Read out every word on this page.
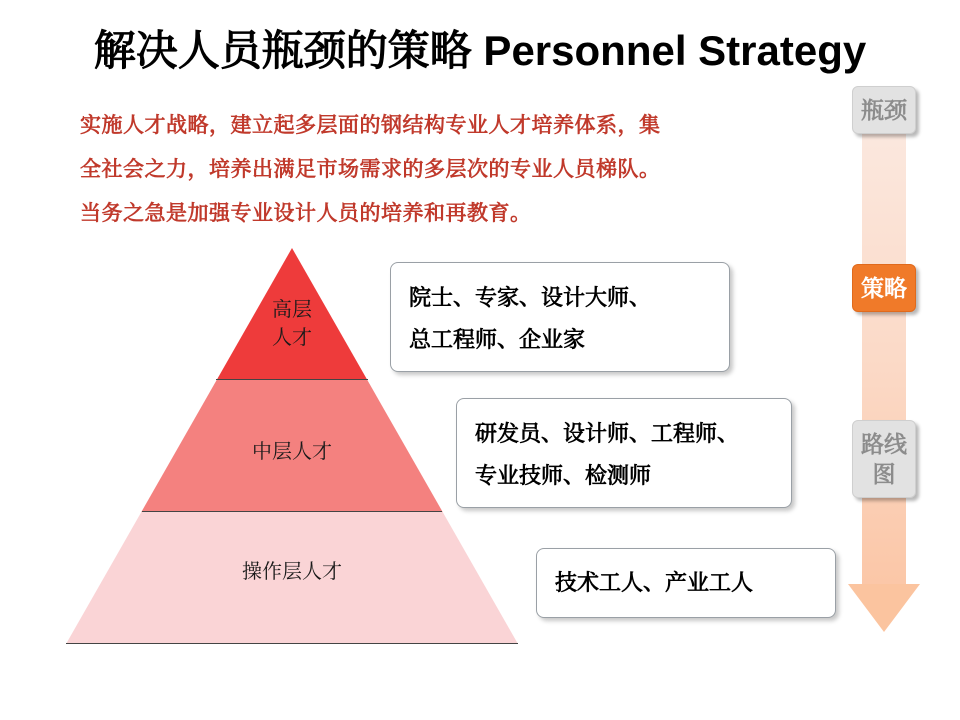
解决人员瓶颈的策略 Personnel Strategy
实施人才战略，建立起多层面的钢结构专业人才培养体系，集
全社会之力，培养出满足市场需求的多层次的专业人员梯队。
当务之急是加强专业设计人员的培养和再教育。
高层
人才
中层人才
操作层人才
院士、专家、设计大师、
总工程师、企业家
研发员、设计师、工程师、
专业技师、检测师
技术工人、产业工人
瓶颈
策略
路线图
